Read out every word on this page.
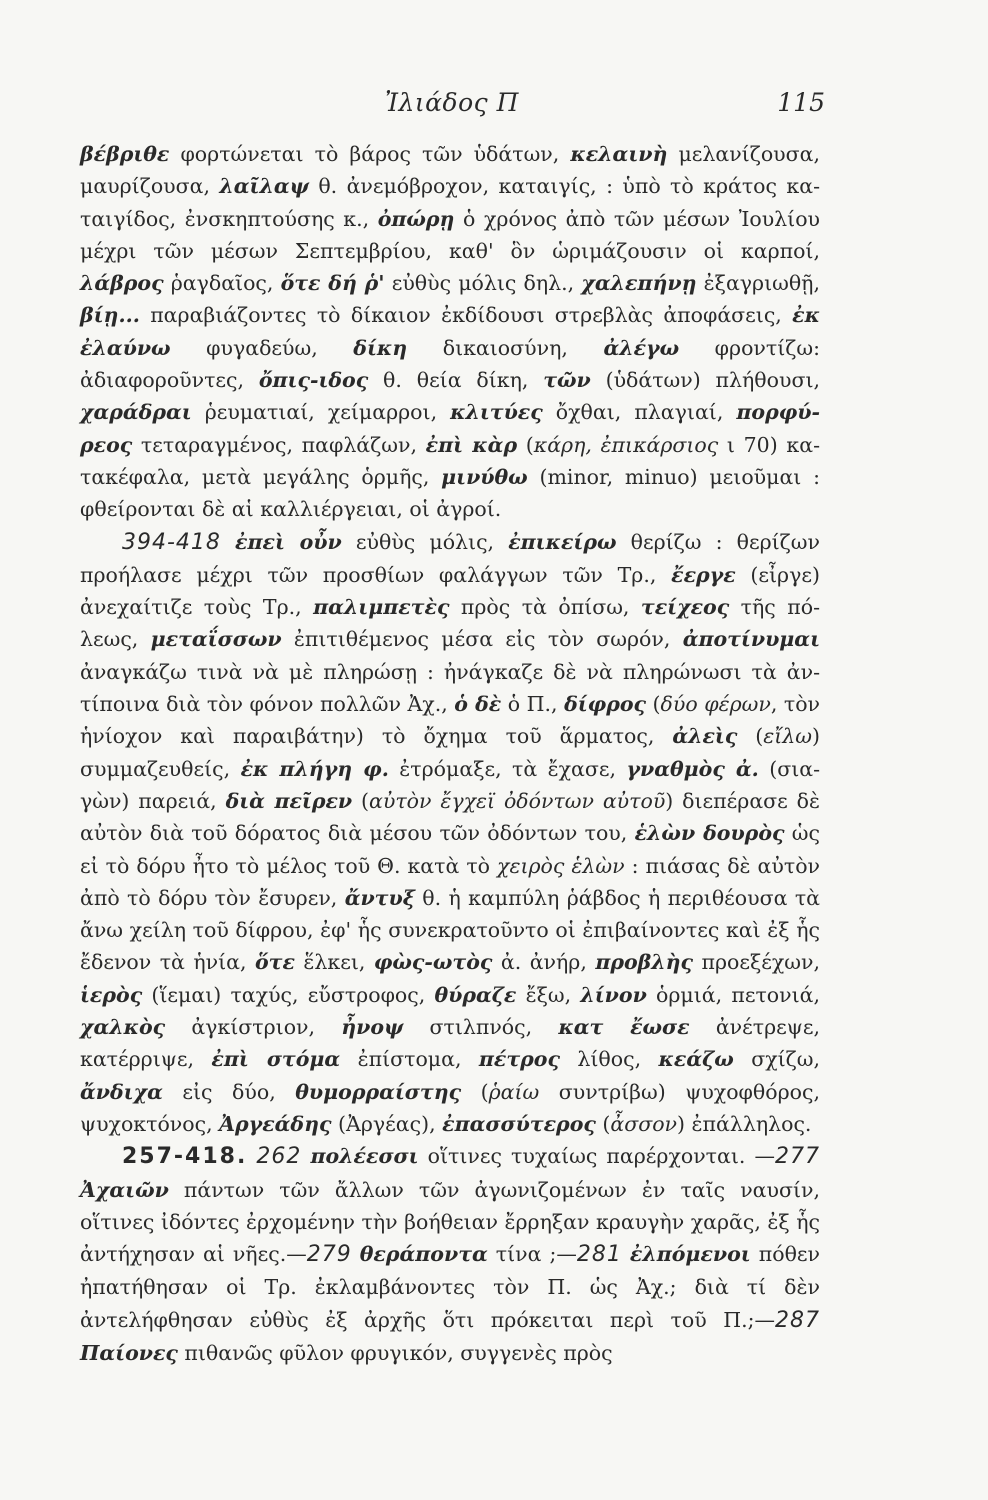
Ἰλιάδος Π	115

βέβριθε φορτώνεται τὸ βάρος τῶν ὑδάτων, κελαινὴ μελανίζουσα, μαυρίζουσα, λαῖλαψ θ. ἀνεμόβροχον, καταιγίς, : ὑπὸ τὸ κράτος καταιγίδος, ἐνσκηπτούσης κ., ὀπώρῃ ὁ χρόνος ἀπὸ τῶν μέσων Ἰουλίου μέχρι τῶν μέσων Σεπτεμβρίου, καθ' ὃν ὡριμάζουσιν οἱ καρποί, λάβρος ῥαγδαῖος, ὅτε δή ῥ' εὐθὺς μόλις δηλ., χαλεπήνῃ ἐξαγριωθῇ, βίῃ... παραβιάζοντες τὸ δίκαιον ἐκδίδουσι στρεβλὰς ἀποφάσεις, ἐκ ἐλαύνω φυγαδεύω, δίκη δικαιοσύνη, ἀλέγω φροντίζω: ἀδιαφοροῦντες, ὄπις-ιδος θ. θεία δίκη, τῶν (ὑδάτων) πλήθουσι, χαράδραι ῥευματιαί, χείμαρροι, κλιτύες ὄχθαι, πλαγιαί, πορφύρεος τεταραγμένος, παφλάζων, ἐπὶ κὰρ (κάρη, ἐπικάρσιος ι 70) κατακέφαλα, μετὰ μεγάλης ὁρμῆς, μινύθω (minor, minuo) μειοῦμαι : φθείρονται δὲ αἱ καλλιέργειαι, οἱ ἀγροί.

394-418 ἐπεὶ οὖν εὐθὺς μόλις, ἐπικείρω θερίζω : θερίζων προήλασε μέχρι τῶν προσθίων φαλάγγων τῶν Τρ., ἔεργε (εἶργε) ἀνεχαίτιζε τοὺς Τρ., παλιμπετὲς πρὸς τὰ ὀπίσω, τείχεος τῆς πόλεως, μεταΐσσων ἐπιτιθέμενος μέσα εἰς τὸν σωρόν, ἀποτίνυμαι ἀναγκάζω τινὰ νὰ μὲ πληρώσῃ : ἠνάγκαζε δὲ νὰ πληρώνωσι τὰ ἀντίποινα διὰ τὸν φόνον πολλῶν Ἀχ., ὁ δὲ ὁ Π., δίφρος (δύο φέρων, τὸν ἡνίοχον καὶ παραιβάτην) τὸ ὄχημα τοῦ ἅρματος, ἀλεὶς (εἴλω) συμμαζευθείς, ἐκ πλήγη φ. ἐτρόμαξε, τὰ ἔχασε, γναθμὸς ἀ. (σιαγὼν) παρειά, διὰ πεῖρεν (αὐτὸν ἔγχεϊ ὀδόντων αὐτοῦ) διεπέρασε δὲ αὐτὸν διὰ τοῦ δόρατος διὰ μέσου τῶν ὀδόντων του, ἑλὼν δουρὸς ὡς εἰ τὸ δόρυ ἦτο τὸ μέλος τοῦ Θ. κατὰ τὸ χειρὸς ἑλὼν : πιάσας δὲ αὐτὸν ἀπὸ τὸ δόρυ τὸν ἔσυρεν, ἄντυξ θ. ἡ καμπύλη ῥάβδος ἡ περιθέουσα τὰ ἄνω χείλη τοῦ δίφρου, ἐφ' ἧς συνεκρατοῦντο οἱ ἐπιβαίνοντες καὶ ἐξ ἧς ἔδενον τὰ ἡνία, ὅτε ἕλκει, φὼς-ωτὸς ἀ. ἀνήρ, προβλὴς προεξέχων, ἱερὸς (ἵεμαι) ταχύς, εὔστροφος, θύραζε ἔξω, λίνον ὁρμιά, πετονιά, χαλκὸς ἀγκίστριον, ἦνοψ στιλπνός, κατ ἔωσε ἀνέτρεψε, κατέρριψε, ἐπὶ στόμα ἐπίστομα, πέτρος λίθος, κεάζω σχίζω, ἄνδιχα εἰς δύο, θυμορραίστης (ῥαίω συντρίβω) ψυχοφθόρος, ψυχοκτόνος, Ἀργεάδης (Ἀργέας), ἐπασσύτερος (ἆσσον) ἐπάλληλος.

257-418. 262 πολέεσσι οἵτινες τυχαίως παρέρχονται. —277 Ἀχαιῶν πάντων τῶν ἄλλων τῶν ἀγωνιζομένων ἐν ταῖς ναυσίν, οἵτινες ἰδόντες ἐρχομένην τὴν βοήθειαν ἔρρηξαν κραυγὴν χαρᾶς, ἐξ ἧς ἀντήχησαν αἱ νῆες.—279 θεράποντα τίνα ;—281 ἐλπόμενοι πόθεν ἠπατήθησαν οἱ Τρ. ἐκλαμβάνοντες τὸν Π. ὡς Ἀχ.; διὰ τί δὲν ἀντελήφθησαν εὐθὺς ἐξ ἀρχῆς ὅτι πρόκειται περὶ τοῦ Π.;—287 Παίονες πιθανῶς φῦλον φρυγικόν, συγγενὲς πρὸς
